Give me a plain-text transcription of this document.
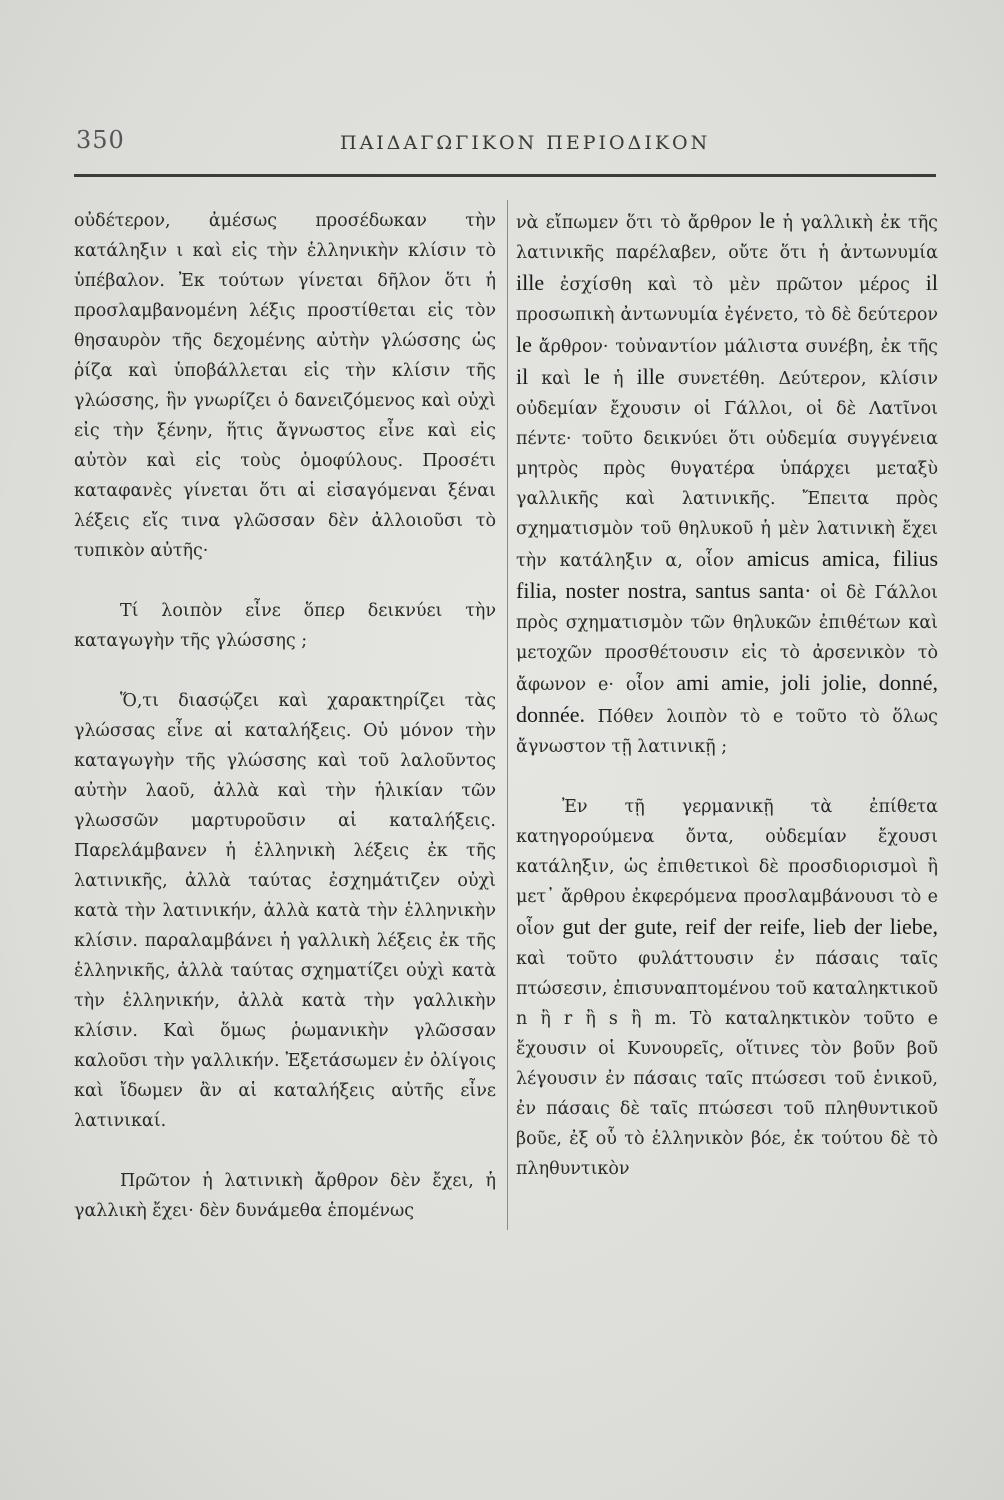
350	ΠΑΙΔΑΓΩΓΙΚΟΝ ΠΕΡΙΟΔΙΚΟΝ

οὐδέτερον, ἀμέσως προσέδωκαν τὴν κατάληξιν ι καὶ εἰς τὴν ἑλληνικὴν κλίσιν τὸ ὑπέβαλον. Ἐκ τούτων γίνεται δῆλον ὅτι ἡ προσλαμβανομένη λέξις προστίθεται εἰς τὸν θησαυρὸν τῆς δεχομένης αὐτὴν γλώσσης ὡς ῥίζα καὶ ὑποβάλλεται εἰς τὴν κλίσιν τῆς γλώσσης, ἣν γνωρίζει ὁ δανειζόμενος καὶ οὐχὶ εἰς τὴν ξένην, ἥτις ἄγνωστος εἶνε καὶ εἰς αὐτὸν καὶ εἰς τοὺς ὁμοφύλους. Προσέτι καταφανὲς γίνεται ὅτι αἱ εἰσαγόμεναι ξέναι λέξεις εἴς τινα γλῶσσαν δὲν ἀλλοιοῦσι τὸ τυπικὸν αὐτῆς·

Τί λοιπὸν εἶνε ὅπερ δεικνύει τὴν καταγωγὴν τῆς γλώσσης ;

Ὅ,τι διασῴζει καὶ χαρακτηρίζει τὰς γλώσσας εἶνε αἱ καταλήξεις. Οὐ μόνον τὴν καταγωγὴν τῆς γλώσσης καὶ τοῦ λαλοῦντος αὐτὴν λαοῦ, ἀλλὰ καὶ τὴν ἡλικίαν τῶν γλωσσῶν μαρτυροῦσιν αἱ καταλήξεις. Παρελάμβανεν ἡ ἑλληνικὴ λέξεις ἐκ τῆς λατινικῆς, ἀλλὰ ταύτας ἐσχημάτιζεν οὐχὶ κατὰ τὴν λατινικήν, ἀλλὰ κατὰ τὴν ἑλληνικὴν κλίσιν. παραλαμβάνει ἡ γαλλικὴ λέξεις ἐκ τῆς ἑλληνικῆς, ἀλλὰ ταύτας σχηματίζει οὐχὶ κατὰ τὴν ἑλληνικήν, ἀλλὰ κατὰ τὴν γαλλικὴν κλίσιν. Καὶ ὅμως ῥωμανικὴν γλῶσσαν καλοῦσι τὴν γαλλικήν. Ἐξετάσωμεν ἐν ὀλίγοις καὶ ἴδωμεν ἂν αἱ καταλήξεις αὐτῆς εἶνε λατινικαί.

Πρῶτον ἡ λατινικὴ ἄρθρον δὲν ἔχει, ἡ γαλλικὴ ἔχει· δὲν δυνάμεθα ἑπομένως

νὰ εἴπωμεν ὅτι τὸ ἄρθρον le ἡ γαλλικὴ ἐκ τῆς λατινικῆς παρέλαβεν, οὔτε ὅτι ἡ ἀντωνυμία ille ἐσχίσθη καὶ τὸ μὲν πρῶτον μέρος il προσωπικὴ ἀντωνυμία ἐγένετο, τὸ δὲ δεύτερον le ἄρθρον· τοὐναντίον μάλιστα συνέβη, ἐκ τῆς il καὶ le ἡ ille συνετέθη. Δεύτερον, κλίσιν οὐδεμίαν ἔχουσιν οἱ Γάλλοι, οἱ δὲ Λατῖνοι πέντε· τοῦτο δεικνύει ὅτι οὐδεμία συγγένεια μητρὸς πρὸς θυγατέρα ὑπάρχει μεταξὺ γαλλικῆς καὶ λατινικῆς. Ἔπειτα πρὸς σχηματισμὸν τοῦ θηλυκοῦ ἡ μὲν λατινικὴ ἔχει τὴν κατάληξιν α, οἷον amicus amica, filius filia, noster nostra, santus santa· οἱ δὲ Γάλλοι πρὸς σχηματισμὸν τῶν θηλυκῶν ἐπιθέτων καὶ μετοχῶν προσθέτουσιν εἰς τὸ ἀρσενικὸν τὸ ἄφωνον e· οἷον ami amie, joli jolie, donné, donnée. Πόθεν λοιπὸν τὸ e τοῦτο τὸ ὅλως ἄγνωστον τῇ λατινικῇ ;

Ἐν τῇ γερμανικῇ τὰ ἐπίθετα κατηγορούμενα ὄντα, οὐδεμίαν ἔχουσι κατάληξιν, ὡς ἐπιθετικοὶ δὲ προσδιορισμοὶ ἢ μετ᾽ ἄρθρου ἐκφερόμενα προσλαμβάνουσι τὸ e οἷον gut der gute, reif der reife, lieb der liebe, καὶ τοῦτο φυλάττουσιν ἐν πάσαις ταῖς πτώσεσιν, ἐπισυναπτομένου τοῦ καταληκτικοῦ n ἢ r ἢ s ἢ m. Τὸ καταληκτικὸν τοῦτο e ἔχουσιν οἱ Κυνουρεῖς, οἵτινες τὸν βοῦν βοῦ λέγουσιν ἐν πάσαις ταῖς πτώσεσι τοῦ ἑνικοῦ, ἐν πάσαις δὲ ταῖς πτώσεσι τοῦ πληθυντικοῦ βοῦε, ἐξ οὗ τὸ ἑλληνικὸν βόε, ἐκ τούτου δὲ τὸ πληθυντικὸν
